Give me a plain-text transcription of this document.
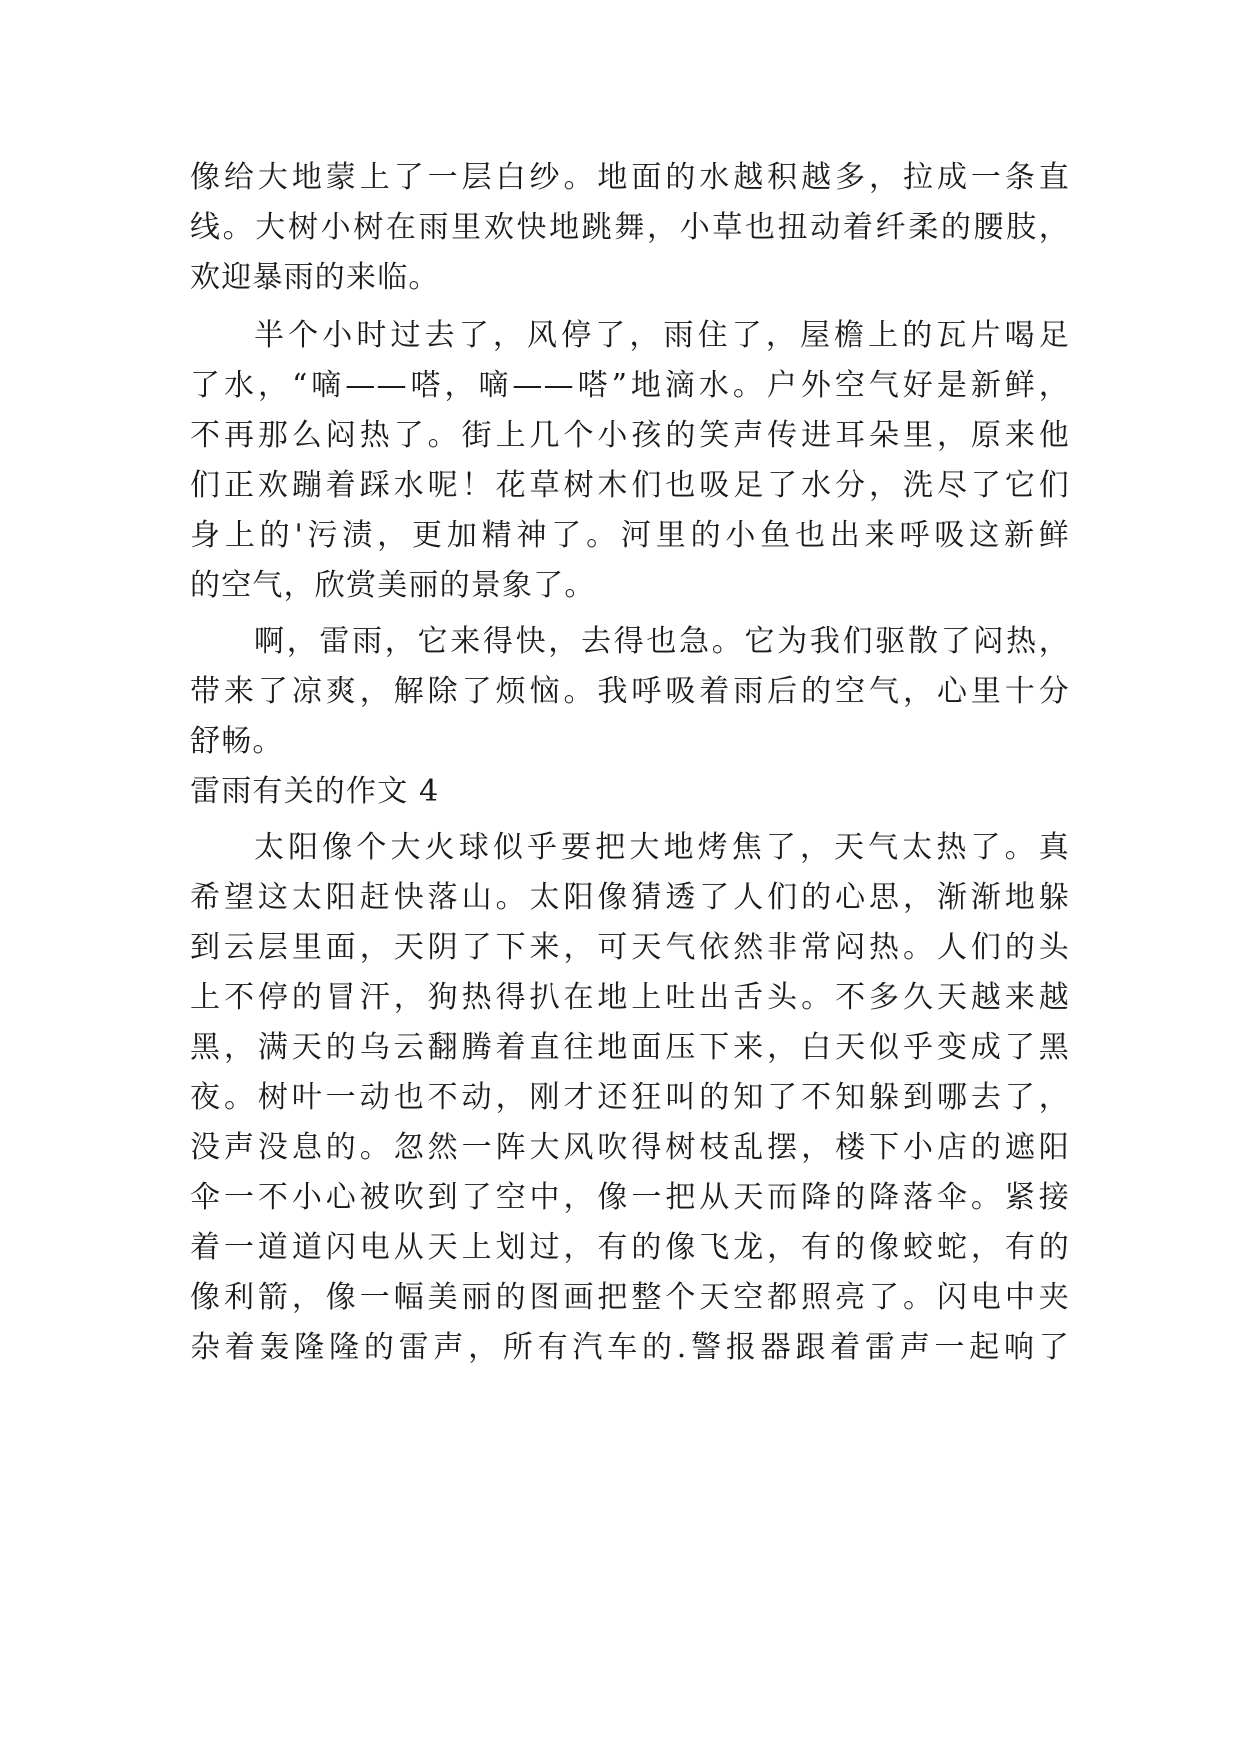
像给大地蒙上了一层白纱。地面的水越积越多，拉成一条直
线。大树小树在雨里欢快地跳舞，小草也扭动着纤柔的腰肢，
欢迎暴雨的来临。
半个小时过去了，风停了，雨住了，屋檐上的瓦片喝足
了水，“嘀——嗒，嘀——嗒”地滴水。户外空气好是新鲜，
不再那么闷热了。街上几个小孩的笑声传进耳朵里，原来他
们正欢蹦着踩水呢！花草树木们也吸足了水分，洗尽了它们
身上的'污渍，更加精神了。河里的小鱼也出来呼吸这新鲜
的空气，欣赏美丽的景象了。
啊，雷雨，它来得快，去得也急。它为我们驱散了闷热，
带来了凉爽，解除了烦恼。我呼吸着雨后的空气，心里十分
舒畅。
雷雨有关的作文 4
太阳像个大火球似乎要把大地烤焦了，天气太热了。真
希望这太阳赶快落山。太阳像猜透了人们的心思，渐渐地躲
到云层里面，天阴了下来，可天气依然非常闷热。人们的头
上不停的冒汗，狗热得扒在地上吐出舌头。不多久天越来越
黑，满天的乌云翻腾着直往地面压下来，白天似乎变成了黑
夜。树叶一动也不动，刚才还狂叫的知了不知躲到哪去了，
没声没息的。忽然一阵大风吹得树枝乱摆，楼下小店的遮阳
伞一不小心被吹到了空中，像一把从天而降的降落伞。紧接
着一道道闪电从天上划过，有的像飞龙，有的像蛟蛇，有的
像利箭，像一幅美丽的图画把整个天空都照亮了。闪电中夹
杂着轰隆隆的雷声，所有汽车的.警报器跟着雷声一起响了
